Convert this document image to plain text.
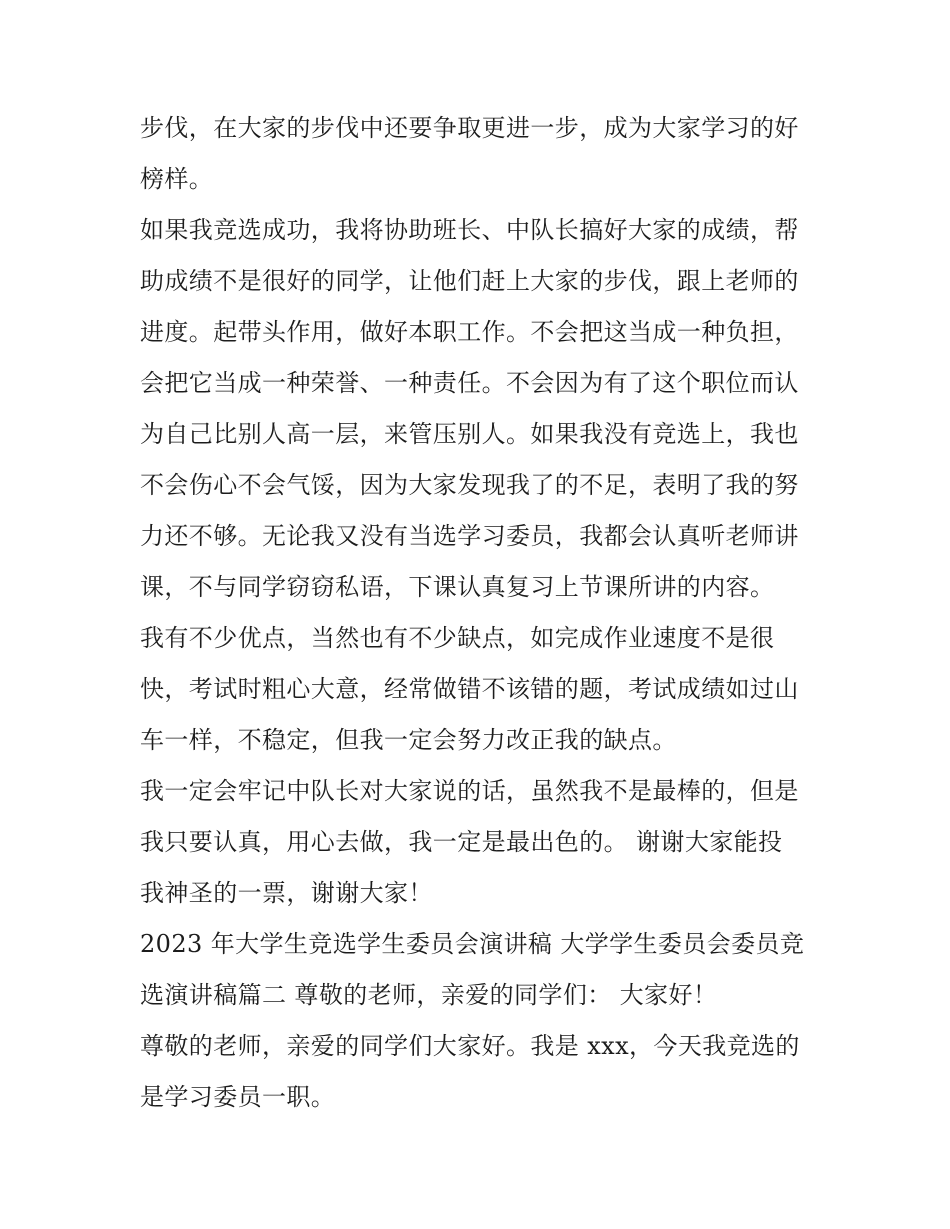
步伐，在大家的步伐中还要争取更进一步，成为大家学习的好
榜样。
如果我竞选成功，我将协助班长、中队长搞好大家的成绩，帮
助成绩不是很好的同学，让他们赶上大家的步伐，跟上老师的
进度。起带头作用，做好本职工作。不会把这当成一种负担，
会把它当成一种荣誉、一种责任。不会因为有了这个职位而认
为自己比别人高一层，来管压别人。如果我没有竞选上，我也
不会伤心不会气馁，因为大家发现我了的不足，表明了我的努
力还不够。无论我又没有当选学习委员，我都会认真听老师讲
课，不与同学窃窃私语，下课认真复习上节课所讲的内容。
我有不少优点，当然也有不少缺点，如完成作业速度不是很
快，考试时粗心大意，经常做错不该错的题，考试成绩如过山
车一样，不稳定，但我一定会努力改正我的缺点。
我一定会牢记中队长对大家说的话，虽然我不是最棒的，但是
我只要认真，用心去做，我一定是最出色的。 谢谢大家能投
我神圣的一票，谢谢大家！
2023 年大学生竞选学生委员会演讲稿 大学学生委员会委员竞
选演讲稿篇二 尊敬的老师，亲爱的同学们： 大家好！
尊敬的老师，亲爱的同学们大家好。我是 xxx，今天我竞选的
是学习委员一职。
